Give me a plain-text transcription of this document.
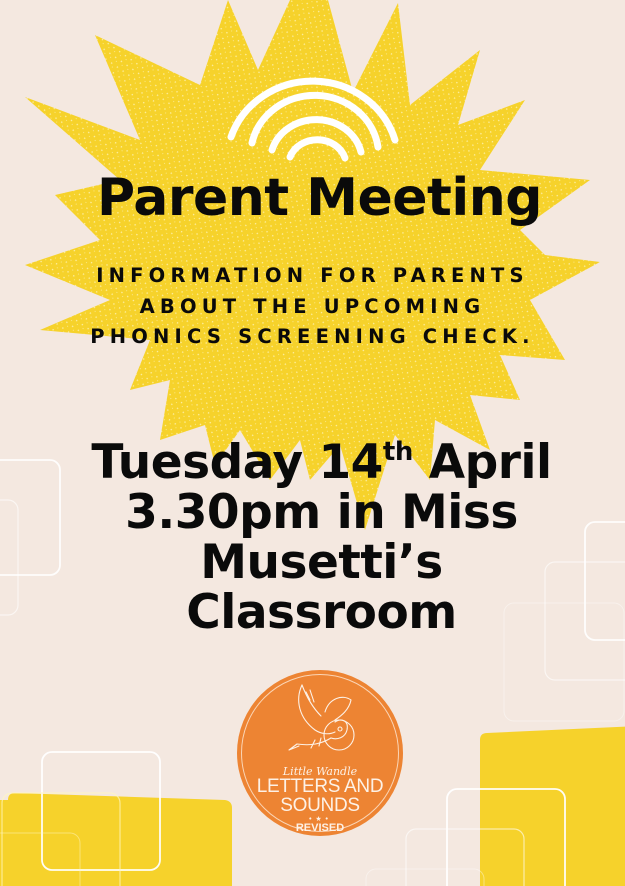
Parent Meeting
INFORMATION FOR PARENTS
ABOUT THE UPCOMING
PHONICS SCREENING CHECK.
Tuesday 14th April
3.30pm in Miss
Musetti’s
Classroom
Little Wandle
LETTERS AND
SOUNDS
•★•
REVISED
